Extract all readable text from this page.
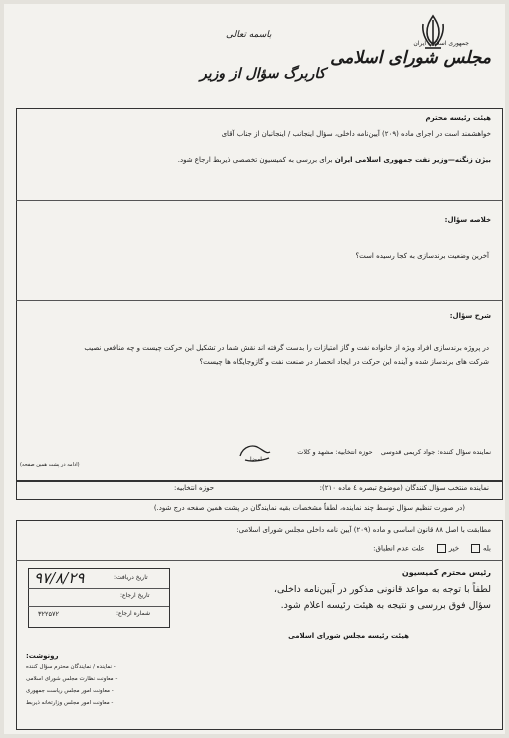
جمهوری اسلامی ایران
مجلس شورای اسلامی
باسمه تعالی
کاربرگ سؤال از وزیر
هیئت رئیسه محترم
خواهشمند است در اجرای ماده (۲۰۹) آیین‌نامه داخلی، سؤال اینجانب / اینجانبان از جناب آقای
بیژن زنگنه—وزیر نفت جمهوری اسلامی ایران برای بررسی به کمیسیون تخصصی ذیربط ارجاع شود.
خلاصه سؤال:
آخرین وضعیت برندسازی به کجا رسیده است؟
شرح سؤال:
در پروژه برندسازی افراد ویژه از خانواده نفت و گاز امتیازات را بدست گرفته اند نقش شما در تشکیل این حرکت چیست و چه منافعی نصیب
شرکت های برندساز شده و آینده این حرکت در ایجاد انحصار در صنعت نفت و گازوجایگاه ها چیست؟
نماینده سؤال کننده: جواد کریمی قدوسی    حوزه انتخابیه: مشهد و کلات
(ادامه در پشت همین صفحه)
امضا
نماینده منتخب سؤال کنندگان (موضوع تبصره ٤ ماده ۲۱۰):
حوزه انتخابیه:
(در صورت تنظیم سؤال توسط چند نماینده، لطفاً مشخصات بقیه نمایندگان در پشت همین صفحه درج شود.)
مطابقت با اصل ۸۸ قانون اساسی و ماده (۲۰۹) آیین نامه داخلی مجلس شورای اسلامی:
بله    خیر    علت عدم انطباق:
رئیس محترم کمیسیون
لطفاً با توجه به مواعد قانونی مذکور در آیین‌نامه داخلی،
سؤال فوق بررسی و نتیجه به هیئت رئیسه اعلام شود.
هیئت رئیسه مجلس شورای اسلامی
تاریخ دریافت:
۹۷/۸/۲۹
تاریخ ارجاع:
شماره ارجاع:
۳۲۲۵۷۲
رونوشت:
- نماینده / نمایندگان محترم سؤال کننده
- معاونت نظارت مجلس شورای اسلامی
- معاونت امور مجلس ریاست جمهوری
- معاونت امور مجلس وزارتخانه ذیربط
